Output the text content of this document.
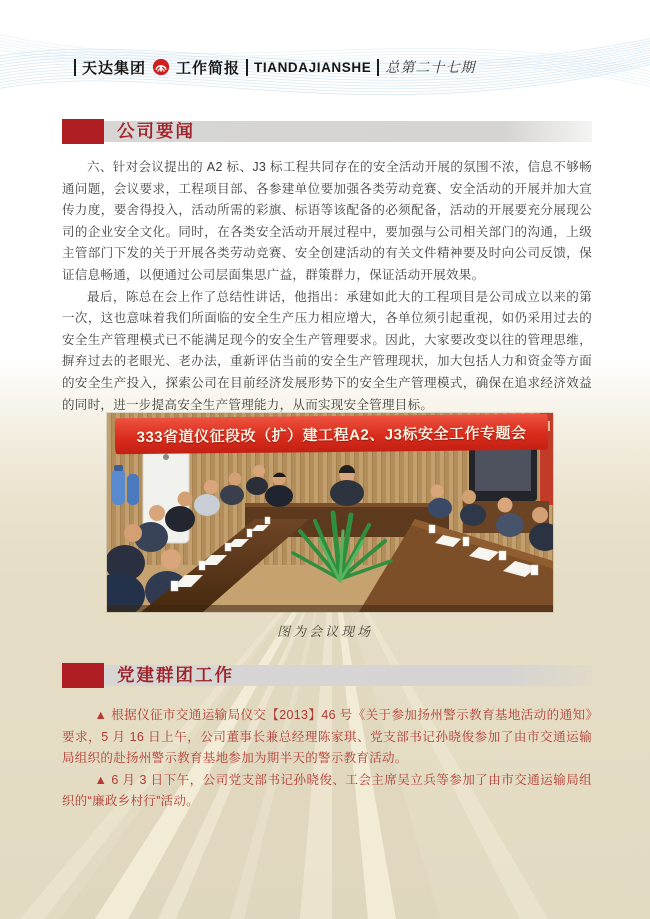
天达集团 工作简报 TIANDAJIANSHE 总第二十七期
公司要闻

六、针对会议提出的 A2 标、J3 标工程共同存在的安全活动开展的氛围不浓，信息不够畅通问题，会议要求，工程项目部、各参建单位要加强各类劳动竞赛、安全活动的开展并加大宣传力度，要舍得投入，活动所需的彩旗、标语等该配备的必须配备，活动的开展要充分展现公司的企业安全文化。同时，在各类安全活动开展过程中，要加强与公司相关部门的沟通，上级主管部门下发的关于开展各类劳动竞赛、安全创建活动的有关文件精神要及时向公司反馈，保证信息畅通，以便通过公司层面集思广益，群策群力，保证活动开展效果。

最后，陈总在会上作了总结性讲话，他指出：承建如此大的工程项目是公司成立以来的第一次，这也意味着我们所面临的安全生产压力相应增大，各单位须引起重视，如仍采用过去的安全生产管理模式已不能满足现今的安全生产管理要求。因此，大家要改变以往的管理思维，摒弃过去的老眼光、老办法，重新评估当前的安全生产管理现状，加大包括人力和资金等方面的安全生产投入，探索公司在目前经济发展形势下的安全生产管理模式，确保在追求经济效益的同时，进一步提高安全生产管理能力，从而实现安全管理目标。

333省道仪征段改（扩）建工程A2、J3标安全工作专题会
图为会议现场
党建群团工作

▲ 根据仪征市交通运输局仪交【2013】46 号《关于参加扬州警示教育基地活动的通知》要求，5 月 16 日上午，公司董事长兼总经理陈家琪、党支部书记孙晓俊参加了由市交通运输局组织的赴扬州警示教育基地参加为期半天的警示教育活动。

▲ 6 月 3 日下午，公司党支部书记孙晓俊、工会主席吴立兵等参加了由市交通运输局组织的“廉政乡村行”活动。
